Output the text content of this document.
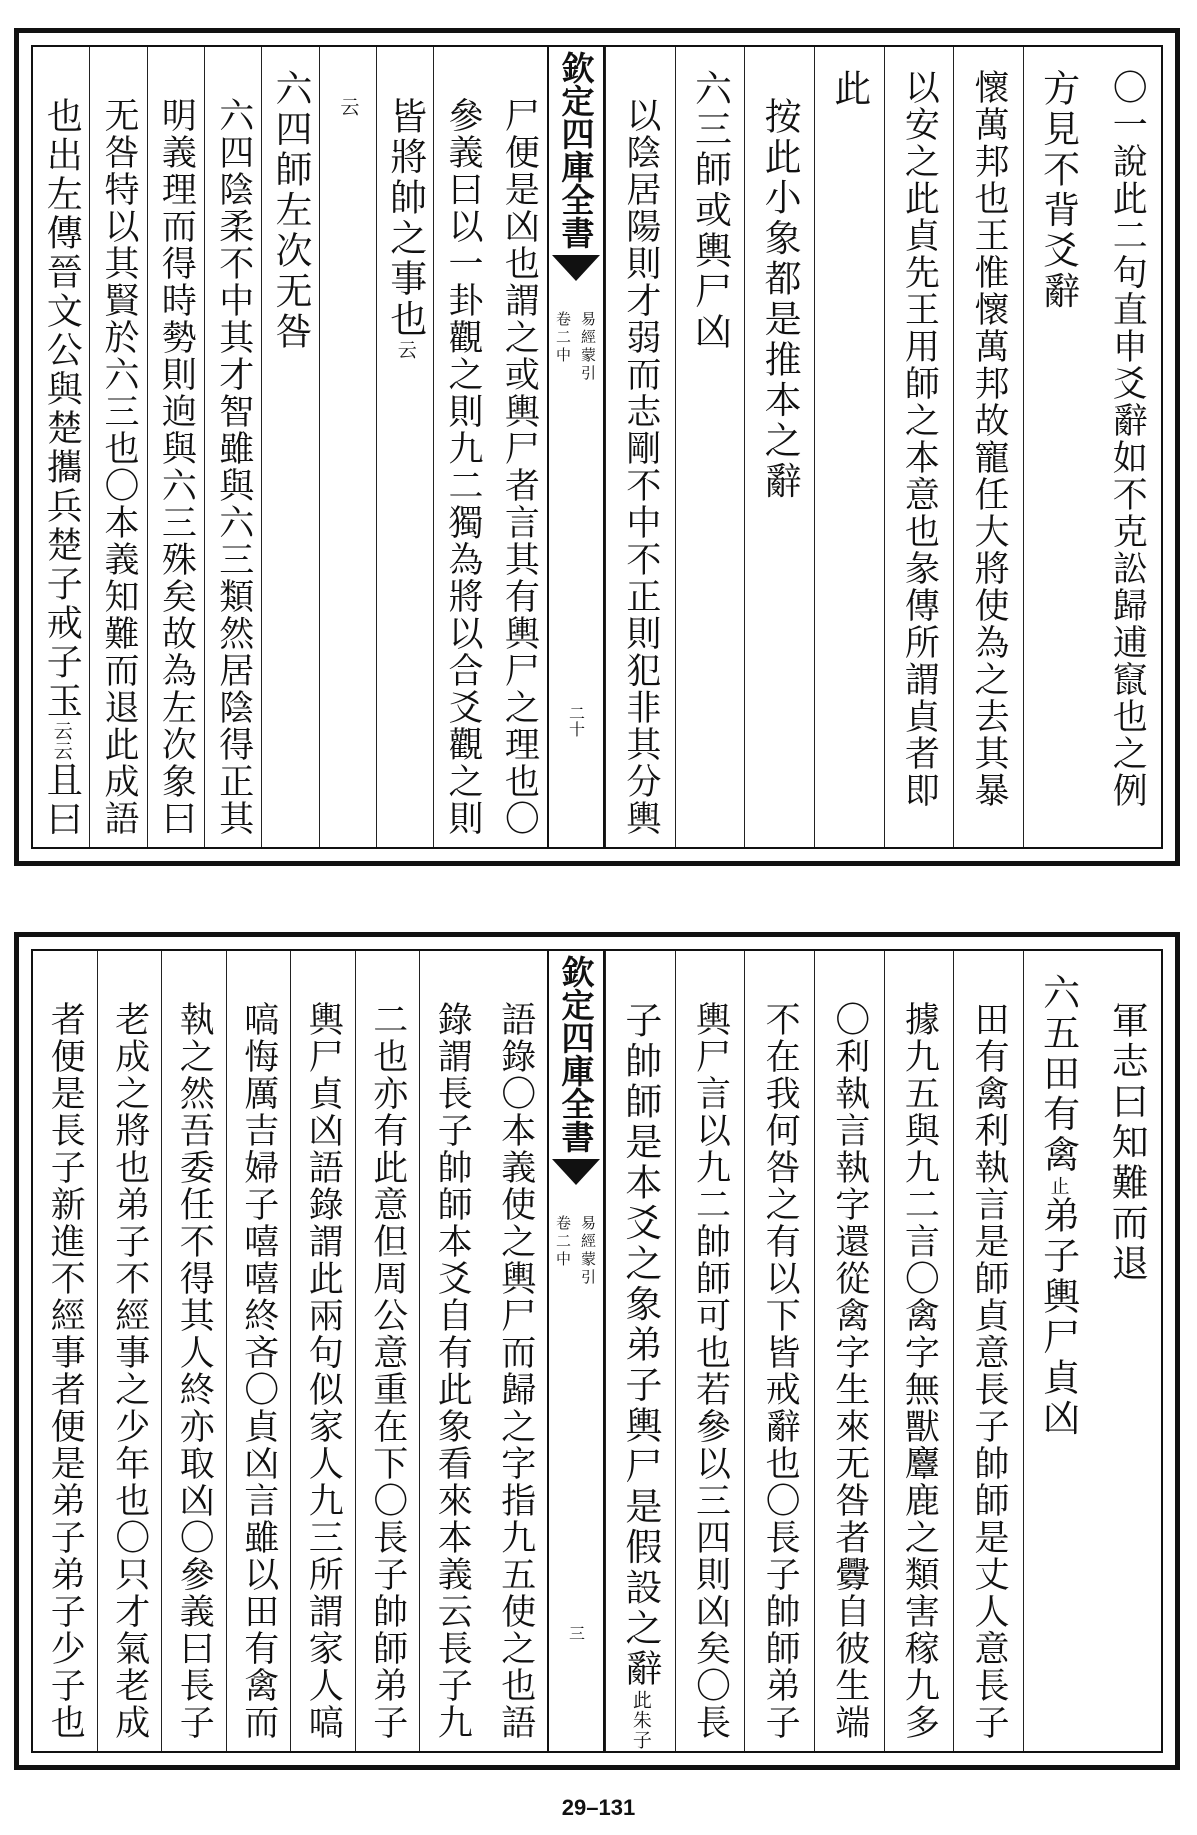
〇一說此二句直申爻辭如不克訟歸逋竄也之例
方見不背爻辭
懷萬邦也王惟懷萬邦故寵任大將使為之去其暴
以安之此貞先王用師之本意也彖傳所謂貞者即
此
按此小象都是推本之辭
六三師或輿尸凶
以陰居陽則才弱而志剛不中不正則犯非其分輿
欽定四庫全書
易經蒙引
卷二中
二十
尸便是凶也謂之或輿尸者言其有輿尸之理也〇
參義曰以一卦觀之則九二獨為將以合爻觀之則
皆將帥之事也
云
云
六四師左次无咎
六四陰柔不中其才智雖與六三類然居陰得正其
明義理而得時勢則逈與六三殊矣故為左次象曰
无咎特以其賢於六三也〇本義知難而退此成語
也出左傳晉文公與楚攜兵楚子戒子玉
云云
且曰
軍志曰知難而退
六五田有禽
止
弟子輿尸貞凶
田有禽利執言是師貞意長子帥師是丈人意長子
據九五與九二言〇禽字無獸麞鹿之類害稼九多
〇利執言執字還從禽字生來无咎者釁自彼生端
不在我何咎之有以下皆戒辭也〇長子帥師弟子
輿尸言以九二帥師可也若參以三四則凶矣〇長
子帥師是本爻之象弟子輿尸是假設之辭
此朱子
欽定四庫全書
易經蒙引
卷二中
三
語錄〇本義使之輿尸而歸之字指九五使之也語
錄謂長子帥師本爻自有此象看來本義云長子九
二也亦有此意但周公意重在下〇長子帥師弟子
輿尸貞凶語錄謂此兩句似家人九三所謂家人嗃
嗃悔厲吉婦子嘻嘻終吝〇貞凶言雖以田有禽而
執之然吾委任不得其人終亦取凶〇參義曰長子
老成之將也弟子不經事之少年也〇只才氣老成
者便是長子新進不經事者便是弟子弟子少子也
29–131
